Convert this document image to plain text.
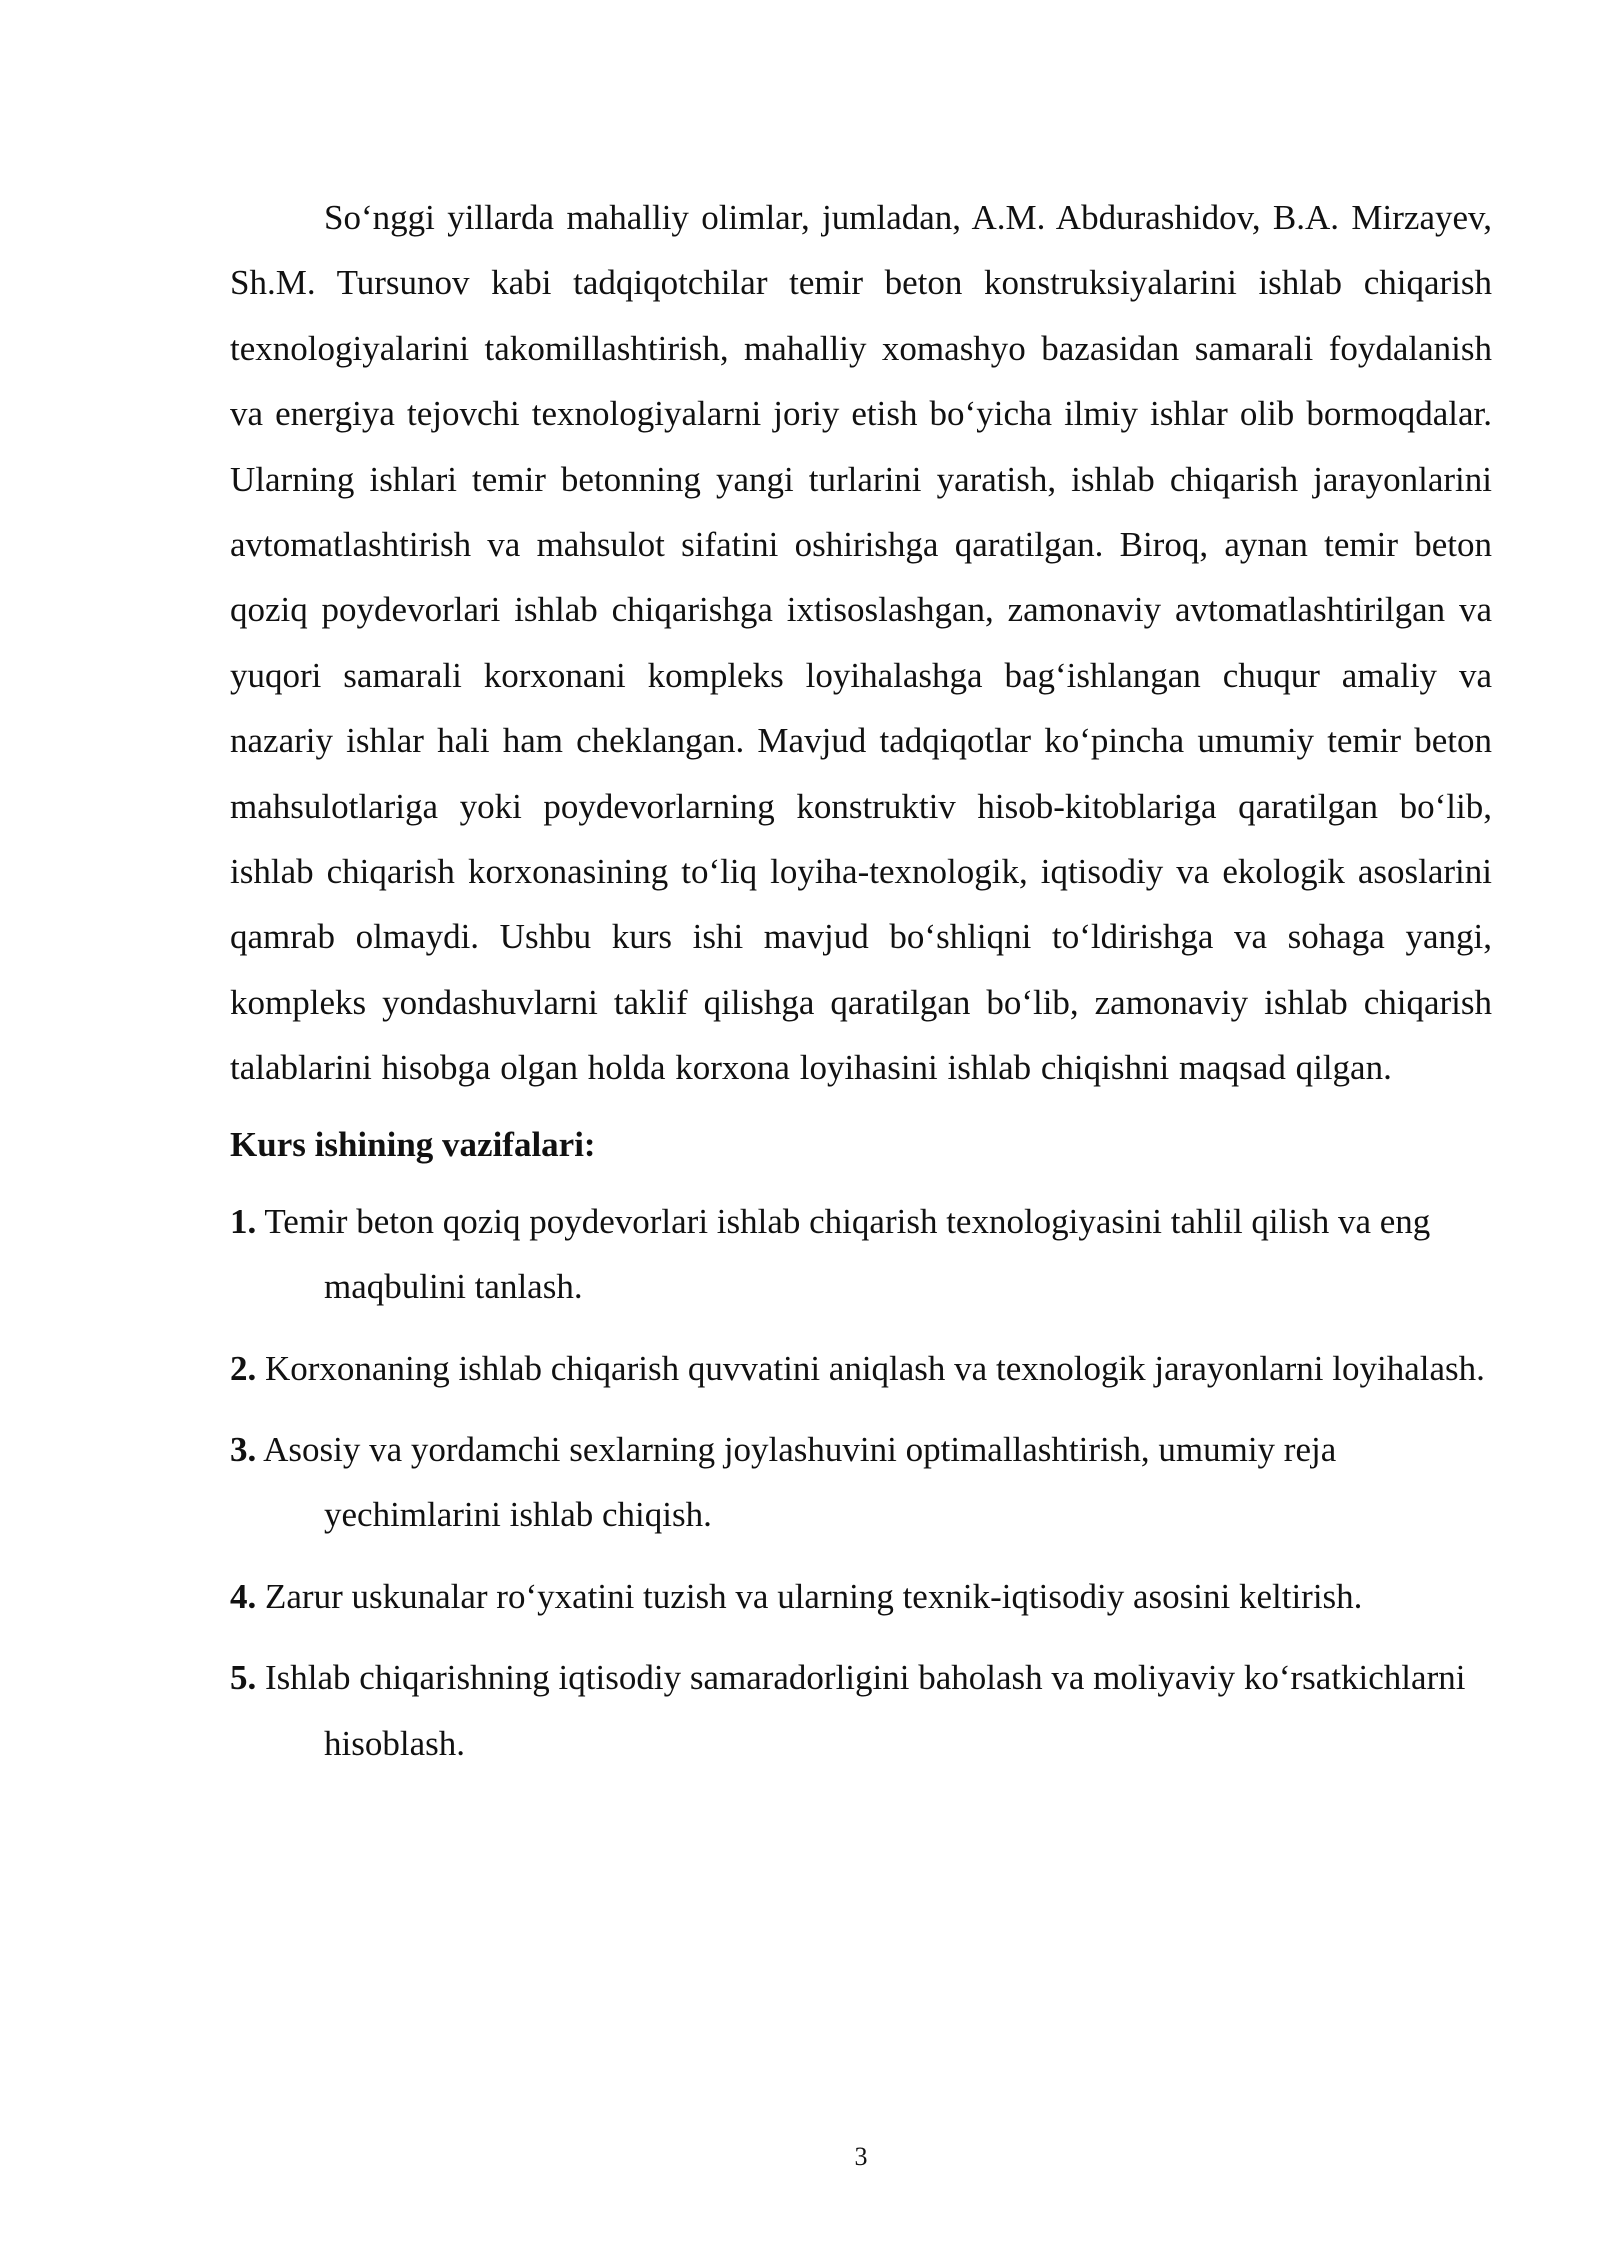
So‘nggi yillarda mahalliy olimlar, jumladan, A.M. Abdurashidov, B.A. Mirzayev, Sh.M. Tursunov kabi tadqiqotchilar temir beton konstruksiyalarini ishlab chiqarish texnologiyalarini takomillashtirish, mahalliy xomashyo bazasidan samarali foydalanish va energiya tejovchi texnologiyalarni joriy etish bo‘yicha ilmiy ishlar olib bormoqdalar. Ularning ishlari temir betonning yangi turlarini yaratish, ishlab chiqarish jarayonlarini avtomatlashtirish va mahsulot sifatini oshirishga qaratilgan. Biroq, aynan temir beton qoziq poydevorlari ishlab chiqarishga ixtisoslashgan, zamonaviy avtomatlashtirilgan va yuqori samarali korxonani kompleks loyihalashga bag‘ishlangan chuqur amaliy va nazariy ishlar hali ham cheklangan. Mavjud tadqiqotlar ko‘pincha umumiy temir beton mahsulotlariga yoki poydevorlarning konstruktiv hisob-kitoblariga qaratilgan bo‘lib, ishlab chiqarish korxonasining to‘liq loyiha-texnologik, iqtisodiy va ekologik asoslarini qamrab olmaydi. Ushbu kurs ishi mavjud bo‘shliqni to‘ldirishga va sohaga yangi, kompleks yondashuvlarni taklif qilishga qaratilgan bo‘lib, zamonaviy ishlab chiqarish talablarini hisobga olgan holda korxona loyihasini ishlab chiqishni maqsad qilgan.

Kurs ishining vazifalari:
1. Temir beton qoziq poydevorlari ishlab chiqarish texnologiyasini tahlil qilish va eng maqbulini tanlash.
2. Korxonaning ishlab chiqarish quvvatini aniqlash va texnologik jarayonlarni loyihalash.
3. Asosiy va yordamchi sexlarning joylashuvini optimallashtirish, umumiy reja yechimlarini ishlab chiqish.
4. Zarur uskunalar ro‘yxatini tuzish va ularning texnik-iqtisodiy asosini keltirish.
5. Ishlab chiqarishning iqtisodiy samaradorligini baholash va moliyaviy ko‘rsatkichlarni hisoblash.
3
